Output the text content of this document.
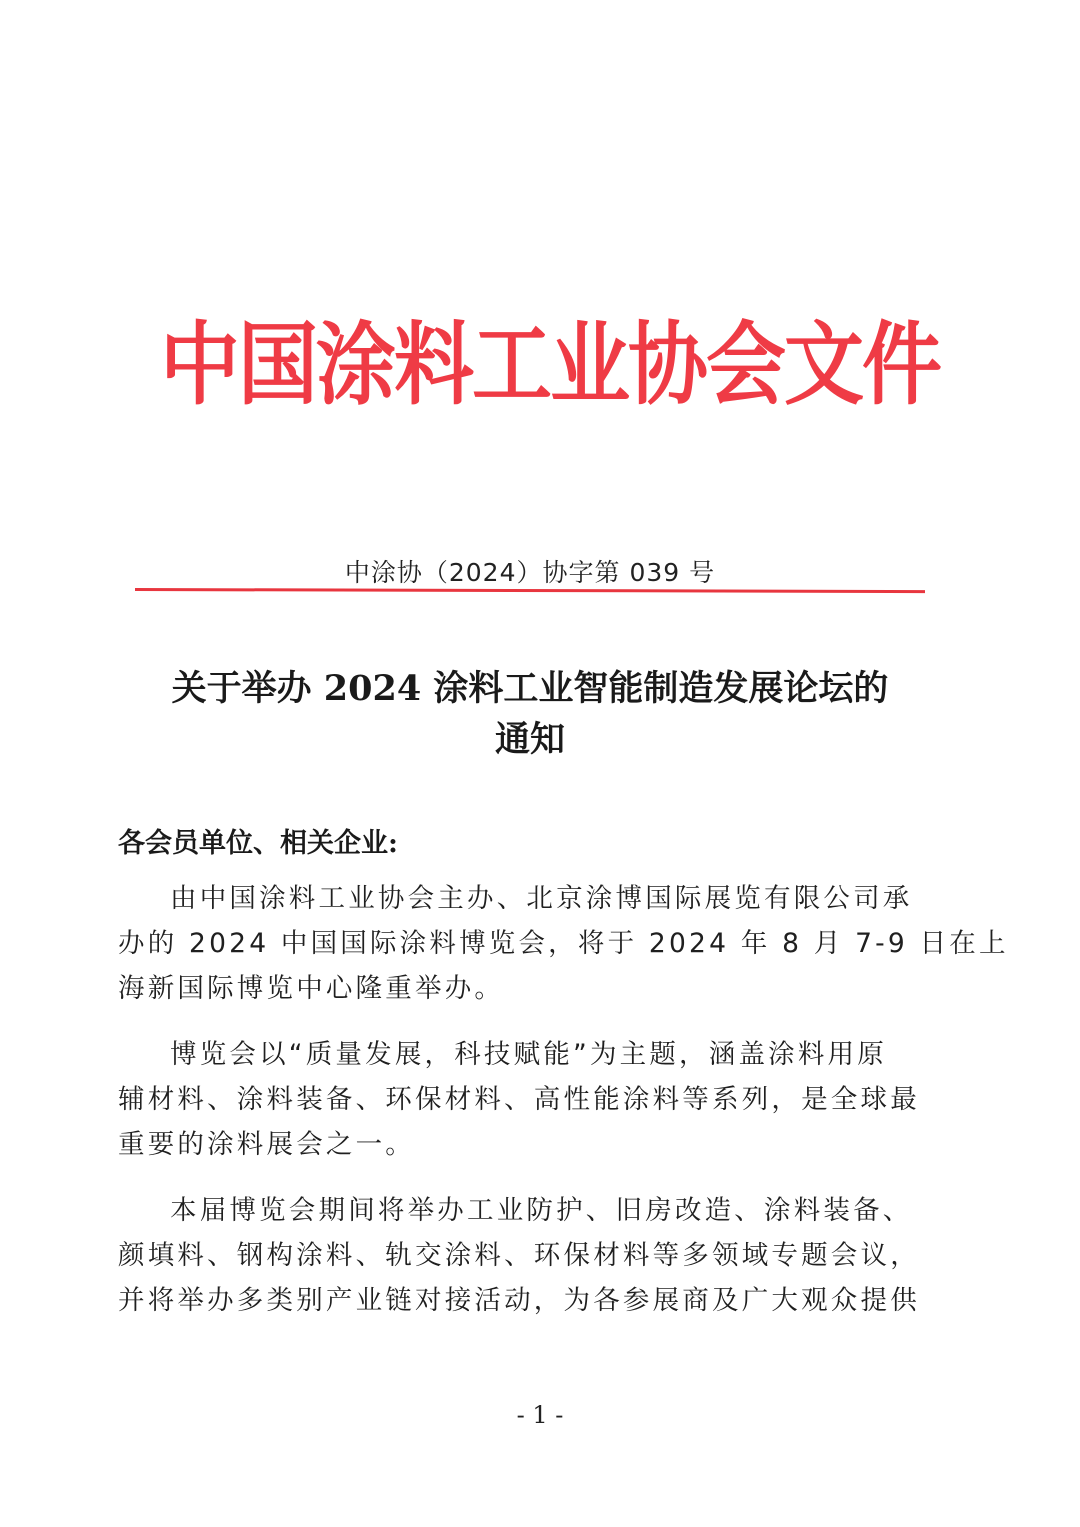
中国涂料工业协会文件
中涂协（2024）协字第 039 号
关于举办 2024 涂料工业智能制造发展论坛的
通知
各会员单位、相关企业:
由中国涂料工业协会主办、北京涂博国际展览有限公司承
办的 2024 中国国际涂料博览会，将于 2024 年 8 月 7-9 日在上
海新国际博览中心隆重举办。
博览会以“质量发展，科技赋能”为主题，涵盖涂料用原
辅材料、涂料装备、环保材料、高性能涂料等系列，是全球最
重要的涂料展会之一。
本届博览会期间将举办工业防护、旧房改造、涂料装备、
颜填料、钢构涂料、轨交涂料、环保材料等多领域专题会议，
并将举办多类别产业链对接活动，为各参展商及广大观众提供
- 1 -
